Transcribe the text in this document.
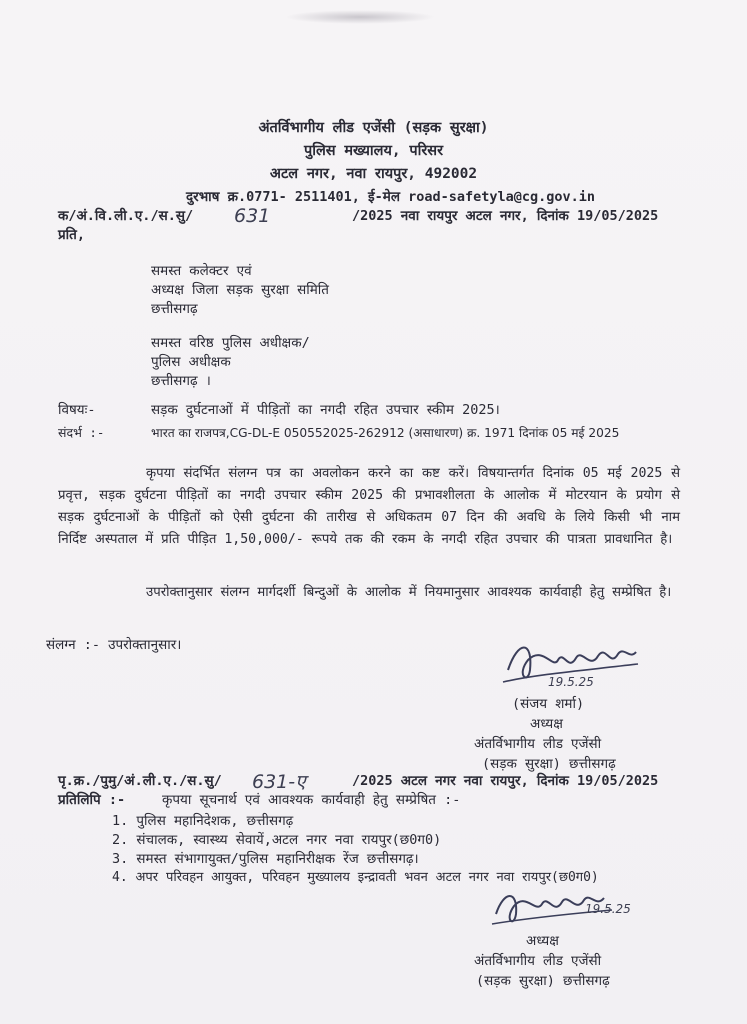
अंतर्विभागीय लीड एजेंसी (सड़क सुरक्षा)
पुलिस मख्यालय, परिसर
अटल नगर, नवा रायपुर, 492002
दुरभाष क्र.0771- 2511401, ई-मेल road-safetyla@cg.gov.in
क/अं.वि.ली.ए./स.सु/ 631	/2025 नवा रायपुर अटल नगर, दिनांक 19/05/2025
प्रति,
समस्त कलेक्टर एवं
अध्यक्ष जिला सड़क सुरक्षा समिति
छत्तीसगढ़
समस्त वरिष्ठ पुलिस अधीक्षक/
पुलिस अधीक्षक
छत्तीसगढ़ ।
विषयः-	सड़क दुर्घटनाओं में पीड़ितों का नगदी रहित उपचार स्कीम 2025।
संदर्भ :-	भारत का राजपत्र,CG-DL-E 050552025-262912 (असाधारण) क्र. 1971 दिनांक 05 मई 2025
कृपया संदर्भित संलग्न पत्र का अवलोकन करने का कष्ट करें। विषयान्तर्गत दिनांक 05 मई 2025 से प्रवृत्त, सड़क दुर्घटना पीड़ितों का नगदी उपचार स्कीम 2025 की प्रभावशीलता के आलोक में मोटरयान के प्रयोग से सड़क दुर्घटनाओं के पीड़ितों को ऐसी दुर्घटना की तारीख से अधिकतम 07 दिन की अवधि के लिये किसी भी नाम निर्दिष्ट अस्पताल में प्रति पीड़ित 1,50,000/- रूपये तक की रकम के नगदी रहित उपचार की पात्रता प्रावधानित है।
उपरोक्तानुसार संलग्न मार्गदर्शी बिन्दुओं के आलोक में नियमानुसार आवश्यक कार्यवाही हेतु सम्प्रेषित है।
संलग्न :- उपरोक्तानुसार।
19.5.25
(संजय शर्मा)
अध्यक्ष
अंतर्विभागीय लीड एजेंसी
(सड़क सुरक्षा) छत्तीसगढ़
पृ.क्र./पुमु/अं.ली.ए./स.सु/ 631-ए	/2025 अटल नगर नवा रायपुर, दिनांक 19/05/2025
प्रतिलिपि :-	कृपया सूचनार्थ एवं आवश्यक कार्यवाही हेतु सम्प्रेषित :-
1. पुलिस महानिदेशक, छत्तीसगढ़
2. संचालक, स्वास्थ्य सेवायें,अटल नगर नवा रायपुर(छ0ग0)
3. समस्त संभागायुक्त/पुलिस महानिरीक्षक रेंज छत्तीसगढ़।
4. अपर परिवहन आयुक्त, परिवहन मुख्यालय इन्द्रावती भवन अटल नगर नवा रायपुर(छ0ग0)
19.5.25
अध्यक्ष
अंतर्विभागीय लीड एजेंसी
(सड़क सुरक्षा) छत्तीसगढ़
